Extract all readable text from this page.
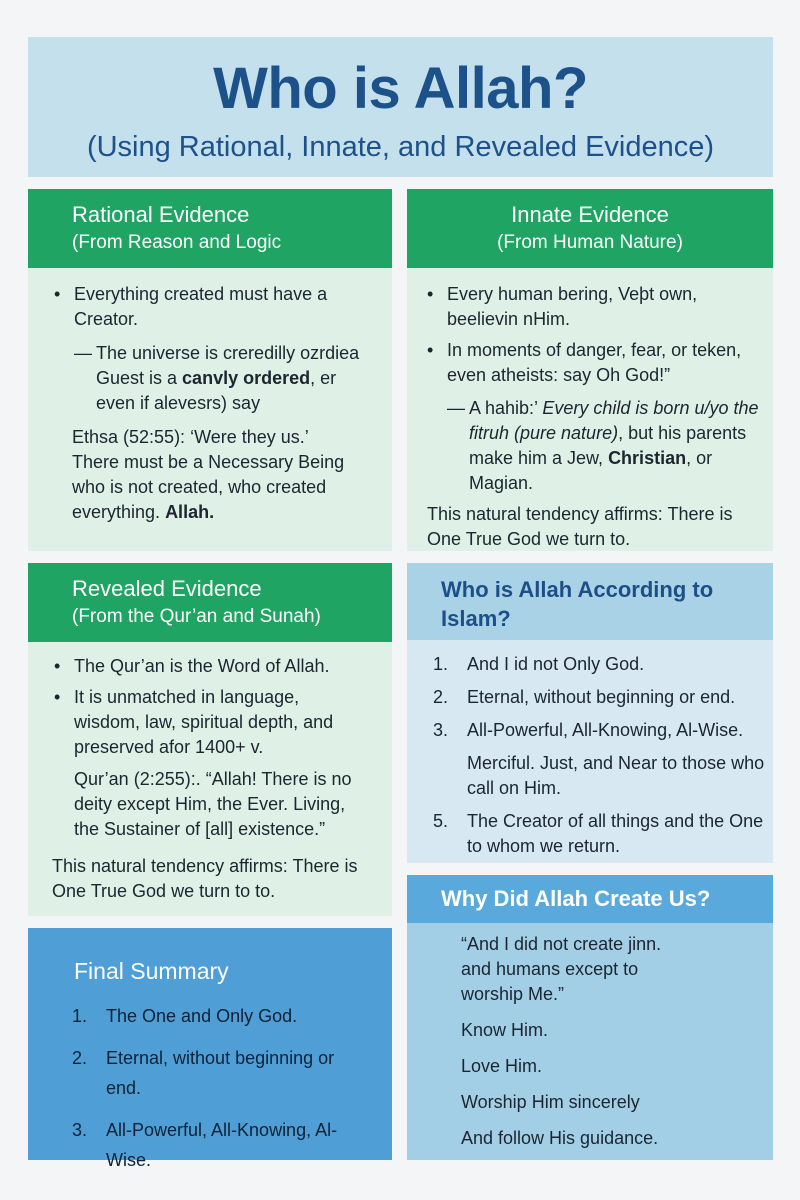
Who is Allah?
(Using Rational, Innate, and Revealed Evidence)
Rational Evidence
(From Reason and Logic
• Everything created must have a Creator.
— The universe is creredilly ozrdiea
Guest is a canvly ordered, er
even if alevesrs) say
Ethsa (52:55): ‘Were they us.’
There must be a Necessary Being who is not created, who created everything. Allah.
Innate Evidence
(From Human Nature)
• Every human bering, Veþt own, beelievin nHim.
• In moments of danger, fear, or teken, even atheists: say Oh God!”
— A hahib:’ Every child is born u/yo the fitruh (pure nature), but his parents make him a Jew, Christian, or Magian.
This natural tendency affirms: There is One True God we turn to.
Revealed Evidence
(From the Qur’an and Sunah)
• The Qur’an is the Word of Allah.
• It is unmatched in language, wisdom, law, spiritual depth, and preserved afor 1400+ v.
Qur’an (2:255):. “Allah! There is no deity except Him, the Ever. Living, the Sustainer of [all] existence.”
This natural tendency affirms: There is One True God we turn to to.
Who is Allah According to Islam?
1. And I id not Only God.
2. Eternal, without beginning or end.
3. All-Powerful, All-Knowing, Al-Wise.
Merciful. Just, and Near to those who call on Him.
5. The Creator of all things and the One to whom we return.
Final Summary
1. The One and Only God.
2. Eternal, without beginning or end.
3. All-Powerful, All-Knowing, Al-Wise.
Why Did Allah Create Us?
“And I did not create jinn. and humans except to worship Me.”
Know Him.
Love Him.
Worship Him sincerely
And follow His guidance.
